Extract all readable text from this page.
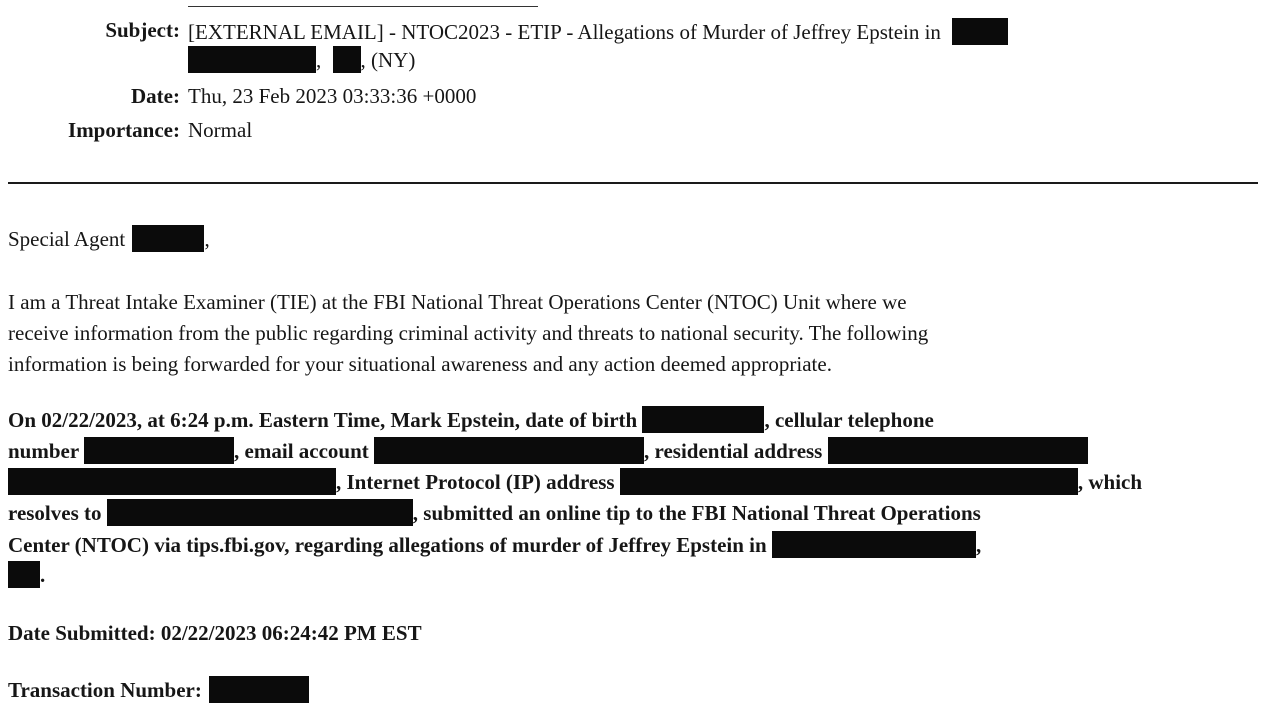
Subject: [EXTERNAL EMAIL] - NTOC2023 - ETIP - Allegations of Murder of Jeffrey Epstein in
, , (NY)
Date: Thu, 23 Feb 2023 03:33:36 +0000
Importance: Normal
Special Agent	,
I am a Threat Intake Examiner (TIE) at the FBI National Threat Operations Center (NTOC) Unit where we
receive information from the public regarding criminal activity and threats to national security. The following
information is being forwarded for your situational awareness and any action deemed appropriate.
On 02/22/2023, at 6:24 p.m. Eastern Time, Mark Epstein, date of birth	, cellular telephone
number	, email account	, residential address
, Internet Protocol (IP) address	, which
resolves to	, submitted an online tip to the FBI National Threat Operations
Center (NTOC) via tips.fbi.gov, regarding allegations of murder of Jeffrey Epstein in	,
.
Date Submitted: 02/22/2023 06:24:42 PM EST
Transaction Number:
